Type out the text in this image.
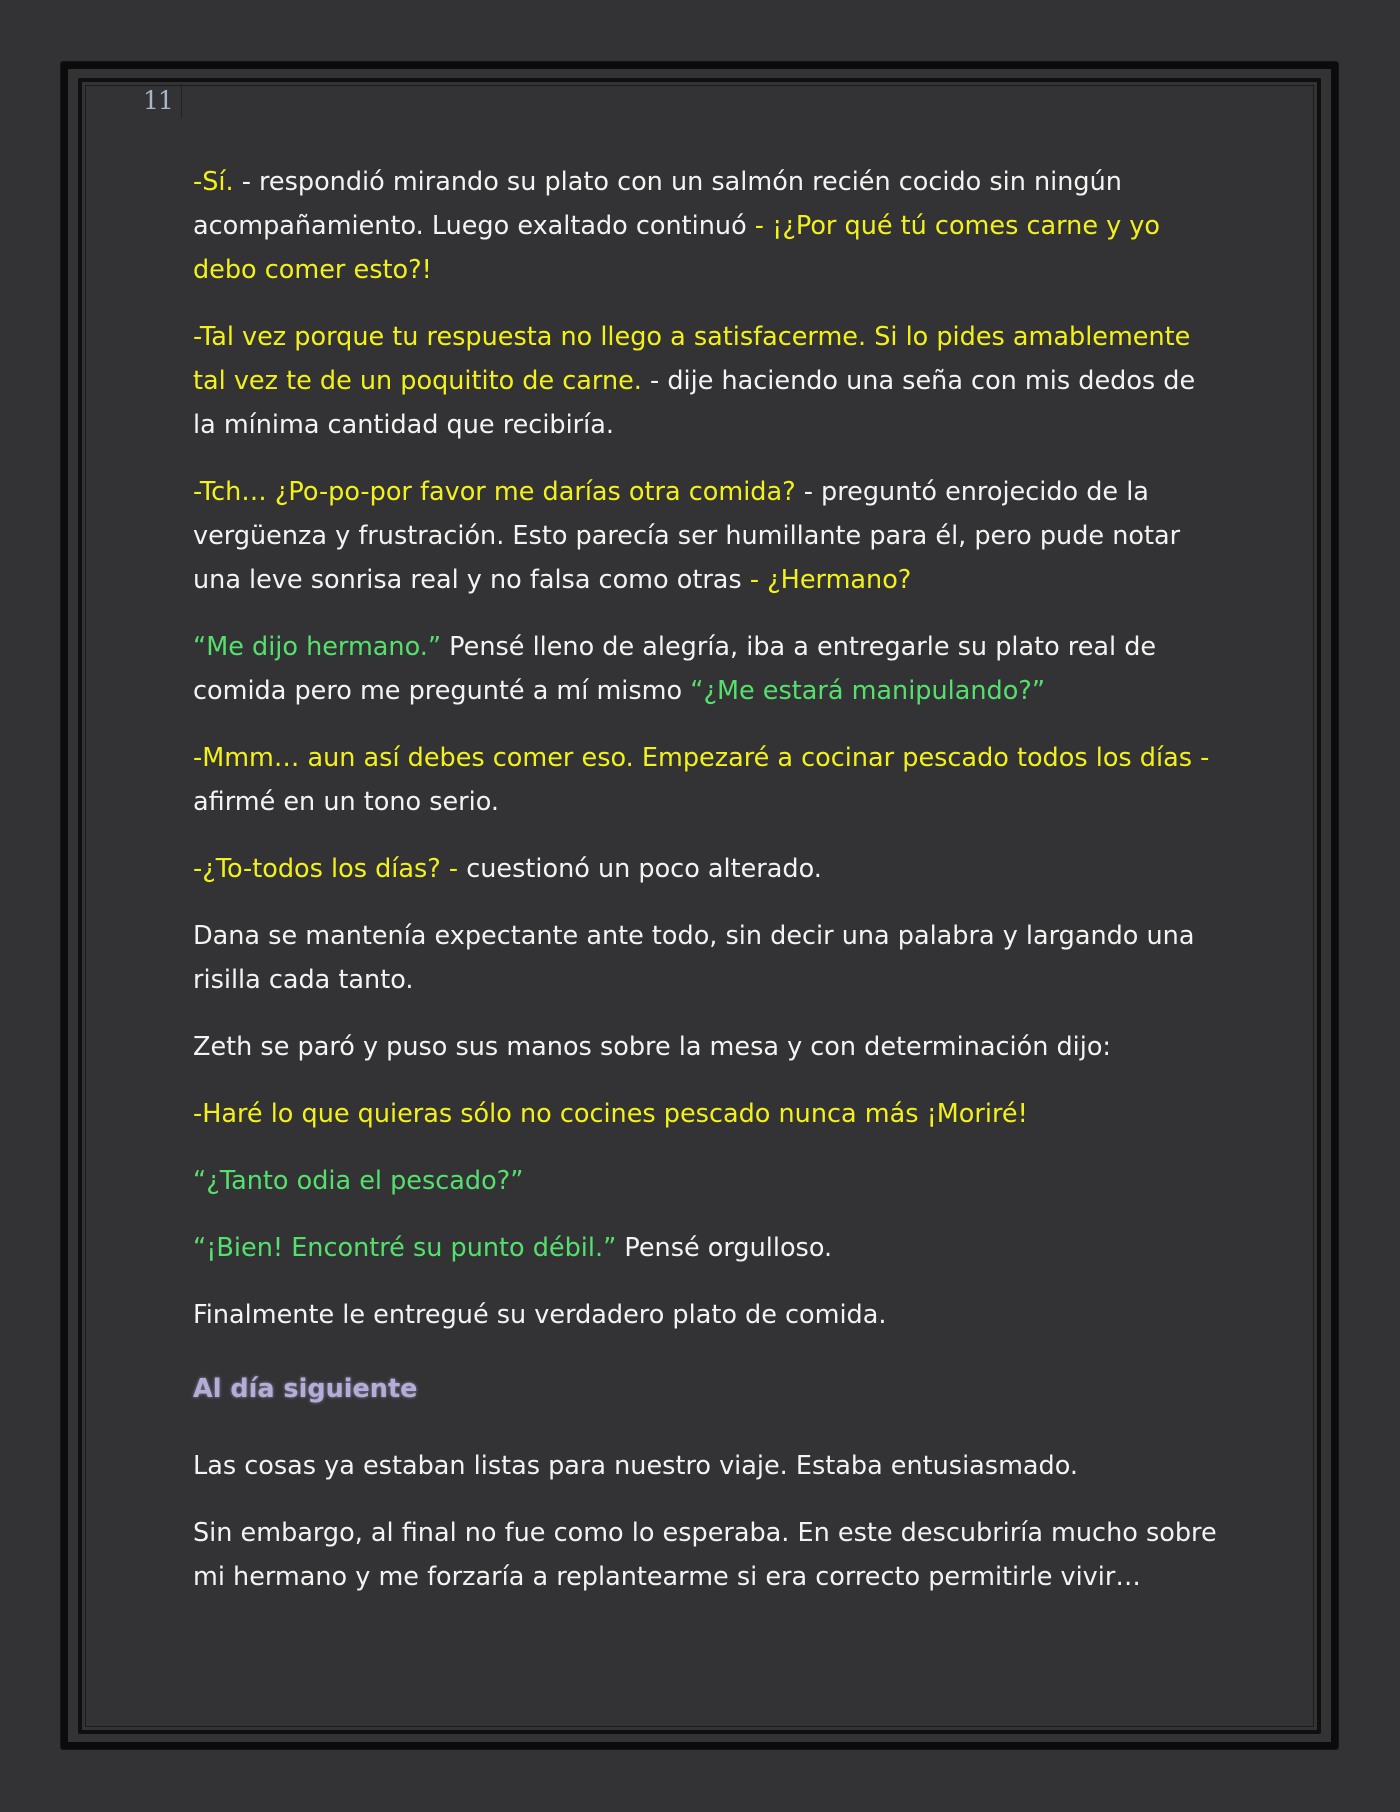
11

-Sí. - respondió mirando su plato con un salmón recién cocido sin ningún acompañamiento. Luego exaltado continuó - ¡¿Por qué tú comes carne y yo debo comer esto?!

-Tal vez porque tu respuesta no llego a satisfacerme. Si lo pides amablemente tal vez te de un poquitito de carne. - dije haciendo una seña con mis dedos de la mínima cantidad que recibiría.

-Tch… ¿Po-po-por favor me darías otra comida? - preguntó enrojecido de la vergüenza y frustración. Esto parecía ser humillante para él, pero pude notar una leve sonrisa real y no falsa como otras - ¿Hermano?

“Me dijo hermano.” Pensé lleno de alegría, iba a entregarle su plato real de comida pero me pregunté a mí mismo “¿Me estará manipulando?”

-Mmm… aun así debes comer eso. Empezaré a cocinar pescado todos los días - afirmé en un tono serio.

-¿To-todos los días? - cuestionó un poco alterado.

Dana se mantenía expectante ante todo, sin decir una palabra y largando una risilla cada tanto.

Zeth se paró y puso sus manos sobre la mesa y con determinación dijo:

-Haré lo que quieras sólo no cocines pescado nunca más ¡Moriré!

“¿Tanto odia el pescado?”

“¡Bien! Encontré su punto débil.” Pensé orgulloso.

Finalmente le entregué su verdadero plato de comida.

Al día siguiente

Las cosas ya estaban listas para nuestro viaje. Estaba entusiasmado.

Sin embargo, al final no fue como lo esperaba. En este descubriría mucho sobre mi hermano y me forzaría a replantearme si era correcto permitirle vivir…
